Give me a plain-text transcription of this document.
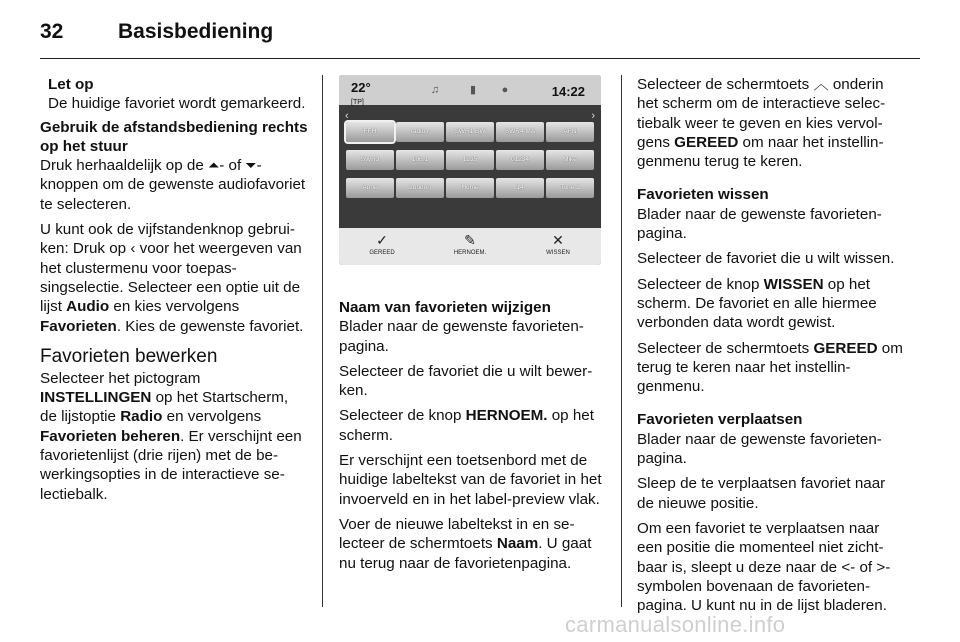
32	Basisbediening
Let op
De huidige favoriet wordt gemarkeerd.
Gebruik de afstandsbediening rechts op het stuur

Druk herhaaldelijk op de ⏶- of ⏷-knoppen om de gewenste audiofavoriet te selecteren.

U kunt ook de vijfstandenknop gebruiken: Druk op ‹ voor het weergeven van het clustermenu voor toepassingselectie. Selecteer een optie uit de lijst Audio en kies vervolgens Favorieten. Kies de gewenste favoriet.

Favorieten bewerken

Selecteer het pictogram INSTELLINGEN op het Startscherm, de lijstoptie Radio en vervolgens Favorieten beheren. Er verschijnt een favorietenlijst (drie rijen) met de bewerkingsopties in de interactieve selectiebalk.

22°
[TP]
♫	▮ ●	14:22
‹	›
FFH	radio r	SWR1 BW	SWR4 MA	AFN
SWR3	106.1	1235	01234	Mike
Anne	London	Home	14	Tone 1
✓
GEREED
✎
HERNOEM.
✕
WISSEN
Naam van favorieten wijzigen

Blader naar de gewenste favorietenpagina.

Selecteer de favoriet die u wilt bewerken.

Selecteer de knop HERNOEM. op het scherm.

Er verschijnt een toetsenbord met de huidige labeltekst van de favoriet in het invoerveld en in het label-preview vlak.

Voer de nieuwe labeltekst in en selecteer de schermtoets Naam. U gaat nu terug naar de favorietenpagina.

Selecteer de schermtoets ︿ onderin het scherm om de interactieve selectiebalk weer te geven en kies vervolgens GEREED om naar het instellingenmenu terug te keren.

Favorieten wissen

Blader naar de gewenste favorietenpagina.

Selecteer de favoriet die u wilt wissen.

Selecteer de knop WISSEN op het scherm. De favoriet en alle hiermee verbonden data wordt gewist.

Selecteer de schermtoets GEREED om terug te keren naar het instellingenmenu.

Favorieten verplaatsen

Blader naar de gewenste favorietenpagina.

Sleep de te verplaatsen favoriet naar de nieuwe positie.

Om een favoriet te verplaatsen naar een positie die momenteel niet zichtbaar is, sleept u deze naar de <- of >-symbolen bovenaan de favorietenpagina. U kunt nu in de lijst bladeren.

carmanualsonline.info
